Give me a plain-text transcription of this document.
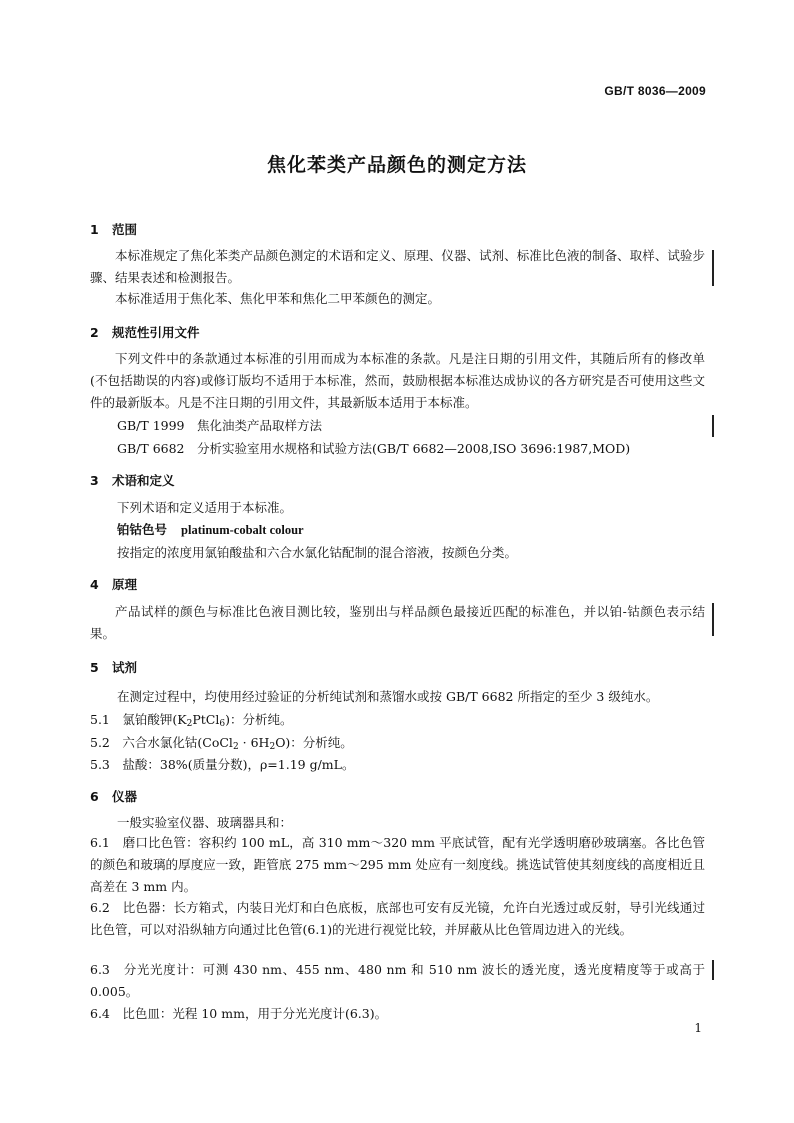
GB/T 8036—2009
焦化苯类产品颜色的测定方法
1 范围
本标准规定了焦化苯类产品颜色测定的术语和定义、原理、仪器、试剂、标准比色液的制备、取样、试验步骤、结果表述和检测报告。
本标准适用于焦化苯、焦化甲苯和焦化二甲苯颜色的测定。
2 规范性引用文件
下列文件中的条款通过本标准的引用而成为本标准的条款。凡是注日期的引用文件，其随后所有的修改单(不包括勘误的内容)或修订版均不适用于本标准，然而，鼓励根据本标准达成协议的各方研究是否可使用这些文件的最新版本。凡是不注日期的引用文件，其最新版本适用于本标准。
GB/T 1999　焦化油类产品取样方法
GB/T 6682　分析实验室用水规格和试验方法(GB/T 6682—2008,ISO 3696:1987,MOD)
3 术语和定义
下列术语和定义适用于本标准。
铂钴色号 platinum-cobalt colour
按指定的浓度用氯铂酸盐和六合水氯化钴配制的混合溶液，按颜色分类。
4 原理
产品试样的颜色与标准比色液目测比较，鉴别出与样品颜色最接近匹配的标准色，并以铂-钴颜色表示结果。
5 试剂
在测定过程中，均使用经过验证的分析纯试剂和蒸馏水或按 GB/T 6682 所指定的至少 3 级纯水。
5.1　 氯铂酸钾$(K_2PtCl_6)$：分析纯。
5.2　 六合水氯化钴(CoCl$_2$ · $6H_2O$)：分析纯。
5.3　 盐酸：38%(质量分数)，ρ=1.19 g/mL。
6 仪器
一般实验室仪器、玻璃器具和：
6.1　磨口比色管：容积约 100 mL，高 310 mm～320 mm 平底试管，配有光学透明磨砂玻璃塞。各比色管的颜色和玻璃的厚度应一致，距管底 275 mm～295 mm 处应有一刻度线。挑选试管使其刻度线的高度相近且高差在 3 mm 内。
6.2　比色器：长方箱式，内装日光灯和白色底板，底部也可安有反光镜，允许白光透过或反射，导引光线通过比色管，可以对沿纵轴方向通过比色管(6.1)的光进行视觉比较，并屏蔽从比色管周边进入的光线。
6.3　分光光度计：可测 430 nm、455 nm、480 nm 和 510 nm 波长的透光度，透光度精度等于或高于 0.005。
6.4　比色皿：光程 10 mm，用于分光光度计(6.3)。
1
